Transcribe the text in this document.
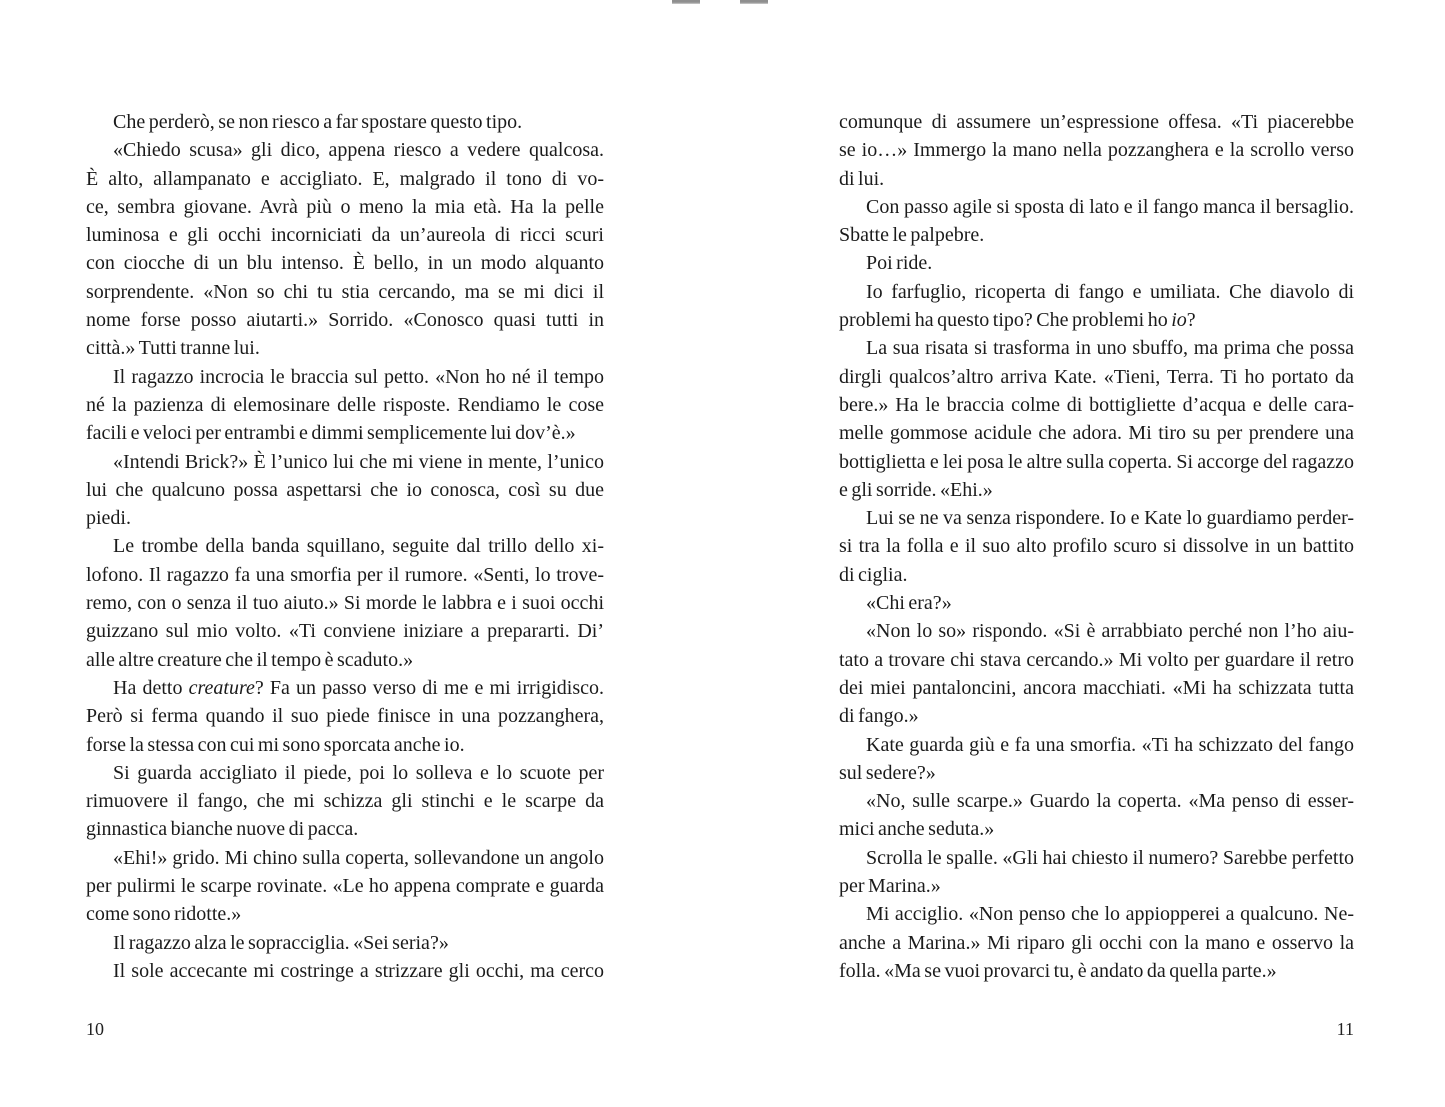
Che perderò, se non riesco a far spostare questo tipo.
«Chiedo scusa» gli dico, appena riesco a vedere qualcosa.
È alto, allampanato e accigliato. E, malgrado il tono di vo-
ce, sembra giovane. Avrà più o meno la mia età. Ha la pelle
luminosa e gli occhi incorniciati da un’aureola di ricci scuri
con ciocche di un blu intenso. È bello, in un modo alquanto
sorprendente. «Non so chi tu stia cercando, ma se mi dici il
nome forse posso aiutarti.» Sorrido. «Conosco quasi tutti in
città.» Tutti tranne lui.
Il ragazzo incrocia le braccia sul petto. «Non ho né il tempo
né la pazienza di elemosinare delle risposte. Rendiamo le cose
facili e veloci per entrambi e dimmi semplicemente lui dov’è.»
«Intendi Brick?» È l’unico lui che mi viene in mente, l’unico
lui che qualcuno possa aspettarsi che io conosca, così su due
piedi.
Le trombe della banda squillano, seguite dal trillo dello xi-
lofono. Il ragazzo fa una smorfia per il rumore. «Senti, lo trove-
remo, con o senza il tuo aiuto.» Si morde le labbra e i suoi occhi
guizzano sul mio volto. «Ti conviene iniziare a prepararti. Di’
alle altre creature che il tempo è scaduto.»
Ha detto creature? Fa un passo verso di me e mi irrigidisco.
Però si ferma quando il suo piede finisce in una pozzanghera,
forse la stessa con cui mi sono sporcata anche io.
Si guarda accigliato il piede, poi lo solleva e lo scuote per
rimuovere il fango, che mi schizza gli stinchi e le scarpe da
ginnastica bianche nuove di pacca.
«Ehi!» grido. Mi chino sulla coperta, sollevandone un angolo
per pulirmi le scarpe rovinate. «Le ho appena comprate e guarda
come sono ridotte.»
Il ragazzo alza le sopracciglia. «Sei seria?»
Il sole accecante mi costringe a strizzare gli occhi, ma cerco
comunque di assumere un’espressione offesa. «Ti piacerebbe
se io…» Immergo la mano nella pozzanghera e la scrollo verso
di lui.
Con passo agile si sposta di lato e il fango manca il bersaglio.
Sbatte le palpebre.
Poi ride.
Io farfuglio, ricoperta di fango e umiliata. Che diavolo di
problemi ha questo tipo? Che problemi ho io?
La sua risata si trasforma in uno sbuffo, ma prima che possa
dirgli qualcos’altro arriva Kate. «Tieni, Terra. Ti ho portato da
bere.» Ha le braccia colme di bottigliette d’acqua e delle cara-
melle gommose acidule che adora. Mi tiro su per prendere una
bottiglietta e lei posa le altre sulla coperta. Si accorge del ragazzo
e gli sorride. «Ehi.»
Lui se ne va senza rispondere. Io e Kate lo guardiamo perder-
si tra la folla e il suo alto profilo scuro si dissolve in un battito
di ciglia.
«Chi era?»
«Non lo so» rispondo. «Si è arrabbiato perché non l’ho aiu-
tato a trovare chi stava cercando.» Mi volto per guardare il retro
dei miei pantaloncini, ancora macchiati. «Mi ha schizzata tutta
di fango.»
Kate guarda giù e fa una smorfia. «Ti ha schizzato del fango
sul sedere?»
«No, sulle scarpe.» Guardo la coperta. «Ma penso di esser-
mici anche seduta.»
Scrolla le spalle. «Gli hai chiesto il numero? Sarebbe perfetto
per Marina.»
Mi acciglio. «Non penso che lo appiopperei a qualcuno. Ne-
anche a Marina.» Mi riparo gli occhi con la mano e osservo la
folla. «Ma se vuoi provarci tu, è andato da quella parte.»
10	11
